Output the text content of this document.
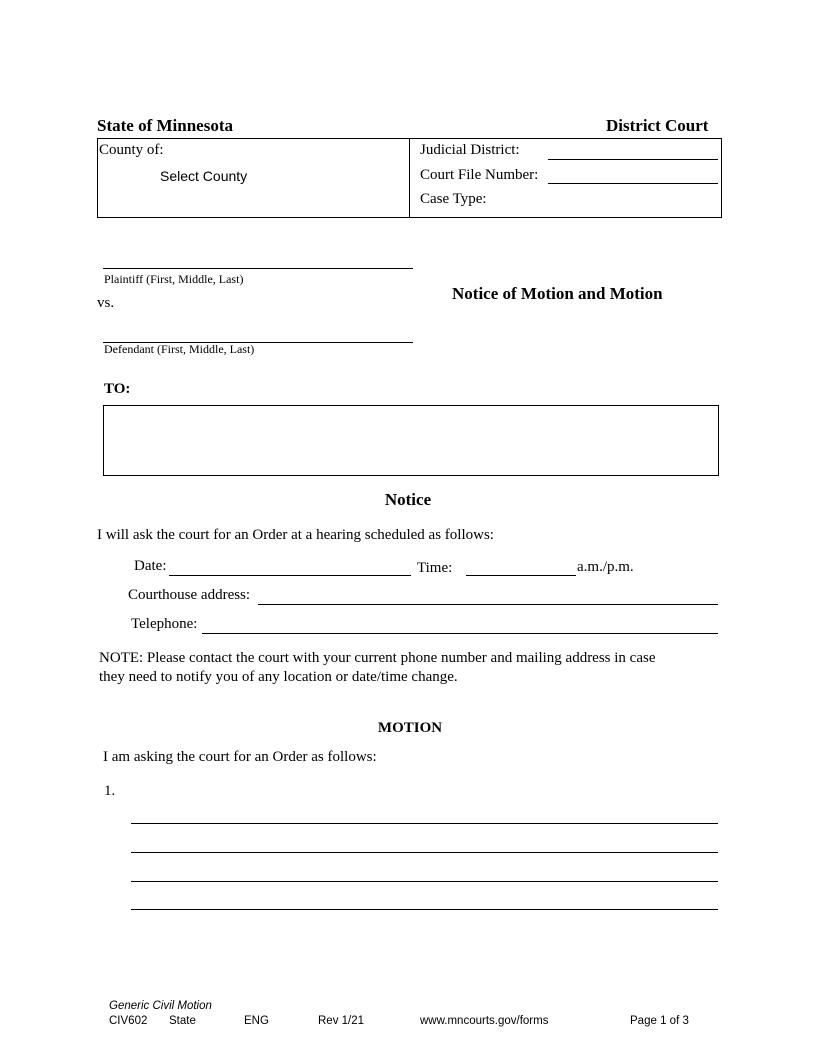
State of Minnesota	District Court
County of:
Select County
Judicial District:
Court File Number:
Case Type:
Plaintiff (First, Middle, Last)
vs.
Defendant (First, Middle, Last)
Notice of Motion and Motion
TO:
Notice
I will ask the court for an Order at a hearing scheduled as follows:
Date:	Time:	a.m./p.m.
Courthouse address:
Telephone:
NOTE: Please contact the court with your current phone number and mailing address in case
they need to notify you of any location or date/time change.
MOTION
I am asking the court for an Order as follows:
1.
Generic Civil Motion
CIV602 State	ENG	Rev 1/21	www.mncourts.gov/forms	Page 1 of 3
